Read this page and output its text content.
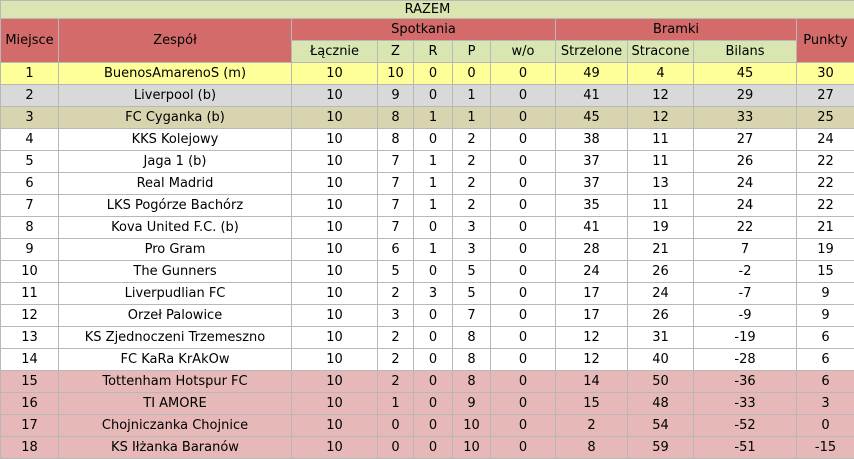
RAZEM										
Miejsce	Zespół	Spotkania					Bramki			Punkty
		Łącznie	Z	R	P	w/o	Strzelone	Stracone	Bilans	
1	BuenosAmarenoS (m)	10	10	0	0	0	49	4	45	30
2	Liverpool (b)	10	9	0	1	0	41	12	29	27
3	FC Cyganka (b)	10	8	1	1	0	45	12	33	25
4	KKS Kolejowy	10	8	0	2	0	38	11	27	24
5	Jaga 1 (b)	10	7	1	2	0	37	11	26	22
6	Real Madrid	10	7	1	2	0	37	13	24	22
7	LKS Pogórze Bachórz	10	7	1	2	0	35	11	24	22
8	Kova United F.C. (b)	10	7	0	3	0	41	19	22	21
9	Pro Gram	10	6	1	3	0	28	21	7	19
10	The Gunners	10	5	0	5	0	24	26	-2	15
11	Liverpudlian FC	10	2	3	5	0	17	24	-7	9
12	Orzeł Palowice	10	3	0	7	0	17	26	-9	9
13	KS Zjednoczeni Trzemeszno	10	2	0	8	0	12	31	-19	6
14	FC KaRa KrAkOw	10	2	0	8	0	12	40	-28	6
15	Tottenham Hotspur FC	10	2	0	8	0	14	50	-36	6
16	TI AMORE	10	1	0	9	0	15	48	-33	3
17	Chojniczanka Chojnice	10	0	0	10	0	2	54	-52	0
18	KS Iłżanka Baranów	10	0	0	10	0	8	59	-51	-15
